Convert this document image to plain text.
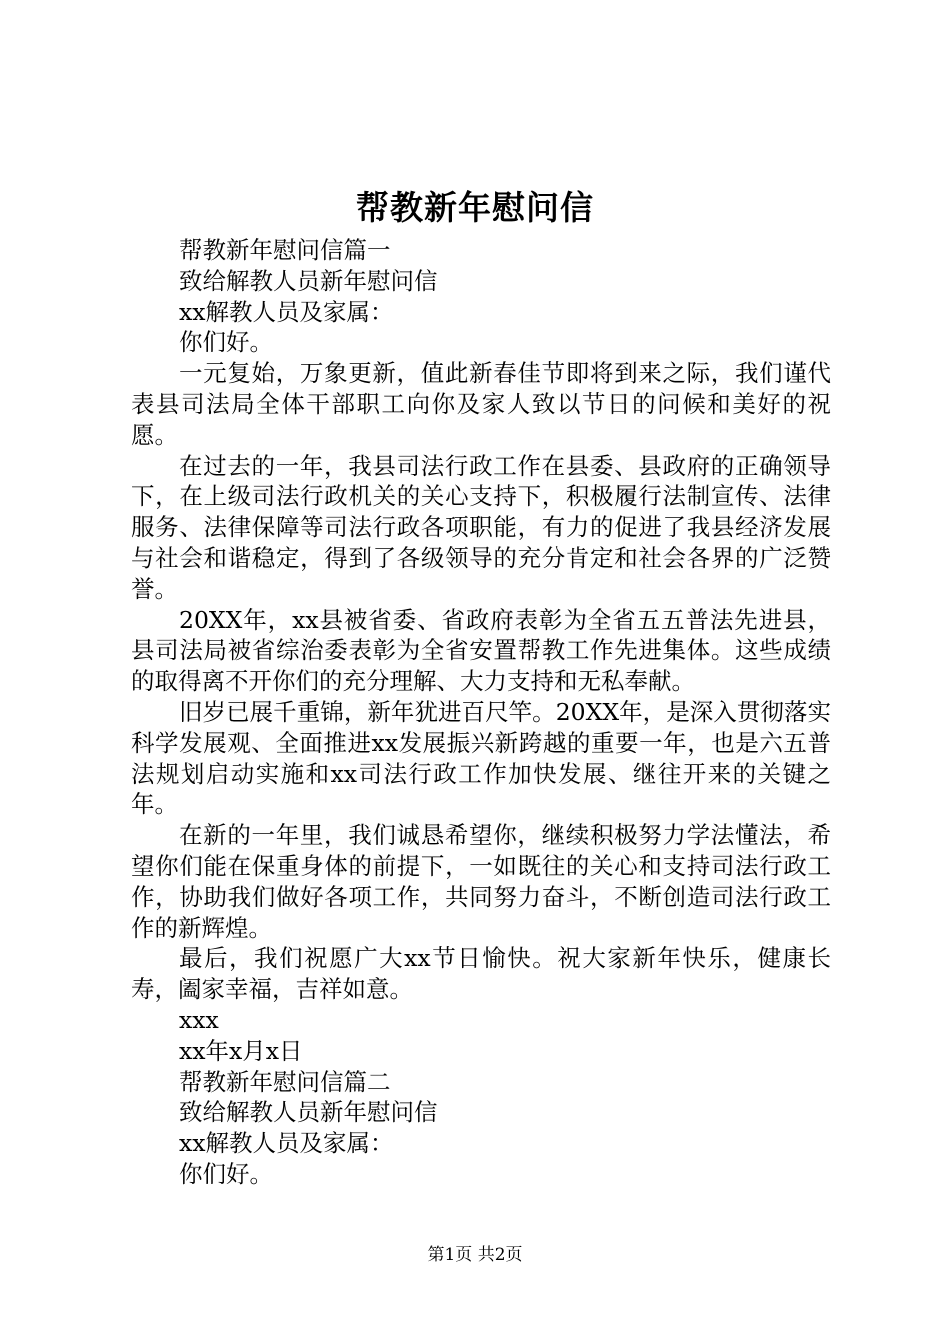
帮教新年慰问信

帮教新年慰问信篇一

致给解教人员新年慰问信

xx解教人员及家属：

你们好。

一元复始，万象更新，值此新春佳节即将到来之际，我们谨代表县司法局全体干部职工向你及家人致以节日的问候和美好的祝愿。

在过去的一年，我县司法行政工作在县委、县政府的正确领导下，在上级司法行政机关的关心支持下，积极履行法制宣传、法律服务、法律保障等司法行政各项职能，有力的促进了我县经济发展与社会和谐稳定，得到了各级领导的充分肯定和社会各界的广泛赞誉。

20XX年，xx县被省委、省政府表彰为全省五五普法先进县，县司法局被省综治委表彰为全省安置帮教工作先进集体。这些成绩的取得离不开你们的充分理解、大力支持和无私奉献。

旧岁已展千重锦，新年犹进百尺竿。20XX年，是深入贯彻落实科学发展观、全面推进xx发展振兴新跨越的重要一年，也是六五普法规划启动实施和xx司法行政工作加快发展、继往开来的关键之年。

在新的一年里，我们诚恳希望你，继续积极努力学法懂法，希望你们能在保重身体的前提下，一如既往的关心和支持司法行政工作，协助我们做好各项工作，共同努力奋斗，不断创造司法行政工作的新辉煌。

最后，我们祝愿广大xx节日愉快。祝大家新年快乐，健康长寿，阖家幸福，吉祥如意。

xxx

xx年x月x日

帮教新年慰问信篇二

致给解教人员新年慰问信

xx解教人员及家属：

你们好。

第1页 共2页
